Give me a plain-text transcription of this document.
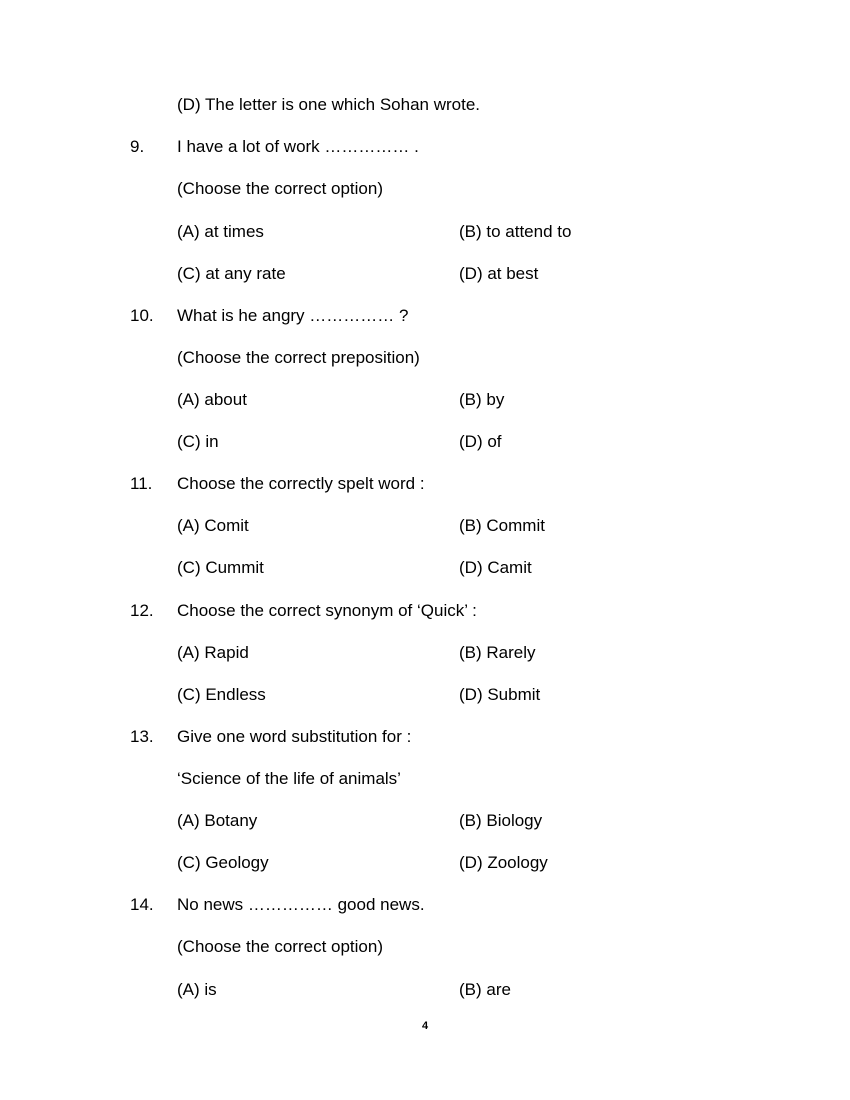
(D) The letter is one which Sohan wrote.
9. I have a lot of work …………… .
(Choose the correct option)
(A) at times	(B) to attend to
(C) at any rate	(D) at best
10. What is he angry …………… ?
(Choose the correct preposition)
(A) about	(B) by
(C) in	(D) of
11. Choose the correctly spelt word :
(A) Comit	(B) Commit
(C) Cummit	(D) Camit
12. Choose the correct synonym of ‘Quick’ :
(A) Rapid	(B) Rarely
(C) Endless	(D) Submit
13. Give one word substitution for :
‘Science of the life of animals’
(A) Botany	(B) Biology
(C) Geology	(D) Zoology
14. No news …………… good news.
(Choose the correct option)
(A) is	(B) are
4
